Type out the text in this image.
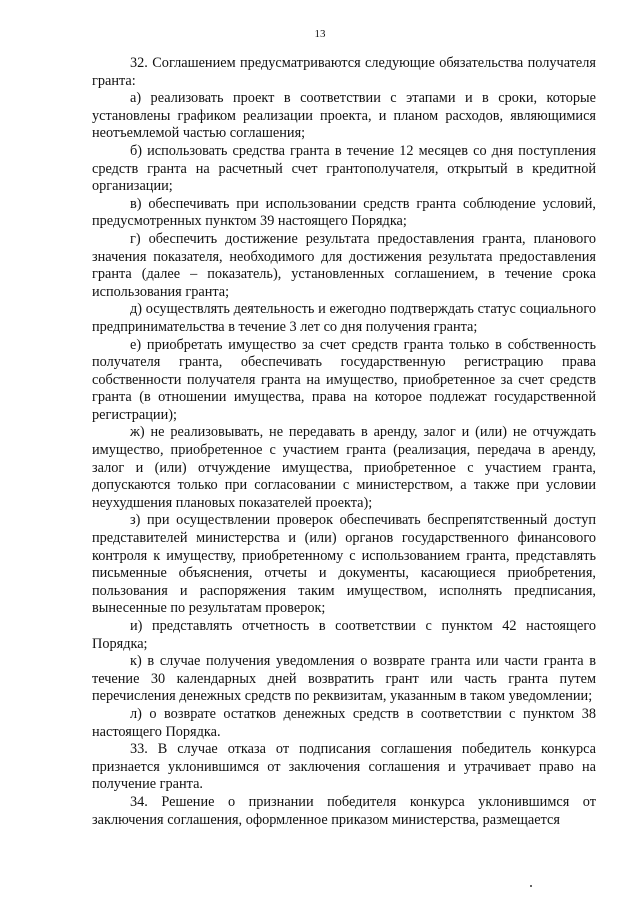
13

32. Соглашением предусматриваются следующие обязательства получателя гранта:

а) реализовать проект в соответствии с этапами и в сроки, которые установлены графиком реализации проекта, и планом расходов, являющимися неотъемлемой частью соглашения;

б) использовать средства гранта в течение 12 месяцев со дня поступления средств гранта на расчетный счет грантополучателя, открытый в кредитной организации;

в) обеспечивать при использовании средств гранта соблюдение условий, предусмотренных пунктом 39 настоящего Порядка;

г) обеспечить достижение результата предоставления гранта, планового значения показателя, необходимого для достижения результата предоставления гранта (далее – показатель), установленных соглашением, в течение срока использования гранта;

д) осуществлять деятельность и ежегодно подтверждать статус социального предпринимательства в течение 3 лет со дня получения гранта;

е) приобретать имущество за счет средств гранта только в собственность получателя гранта, обеспечивать государственную регистрацию права собственности получателя гранта на имущество, приобретенное за счет средств гранта (в отношении имущества, права на которое подлежат государственной регистрации);

ж) не реализовывать, не передавать в аренду, залог и (или) не отчуждать имущество, приобретенное с участием гранта (реализация, передача в аренду, залог и (или) отчуждение имущества, приобретенное с участием гранта, допускаются только при согласовании с министерством, а также при условии неухудшения плановых показателей проекта);

з) при осуществлении проверок обеспечивать беспрепятственный доступ представителей министерства и (или) органов государственного финансового контроля к имуществу, приобретенному с использованием гранта, представлять письменные объяснения, отчеты и документы, касающиеся приобретения, пользования и распоряжения таким имуществом, исполнять предписания, вынесенные по результатам проверок;

и) представлять отчетность в соответствии с пунктом 42 настоящего Порядка;

к) в случае получения уведомления о возврате гранта или части гранта в течение 30 календарных дней возвратить грант или часть гранта путем перечисления денежных средств по реквизитам, указанным в таком уведомлении;

л) о возврате остатков денежных средств в соответствии с пунктом 38 настоящего Порядка.

33. В случае отказа от подписания соглашения победитель конкурса признается уклонившимся от заключения соглашения и утрачивает право на получение гранта.

34. Решение о признании победителя конкурса уклонившимся от заключения соглашения, оформленное приказом министерства, размещается
